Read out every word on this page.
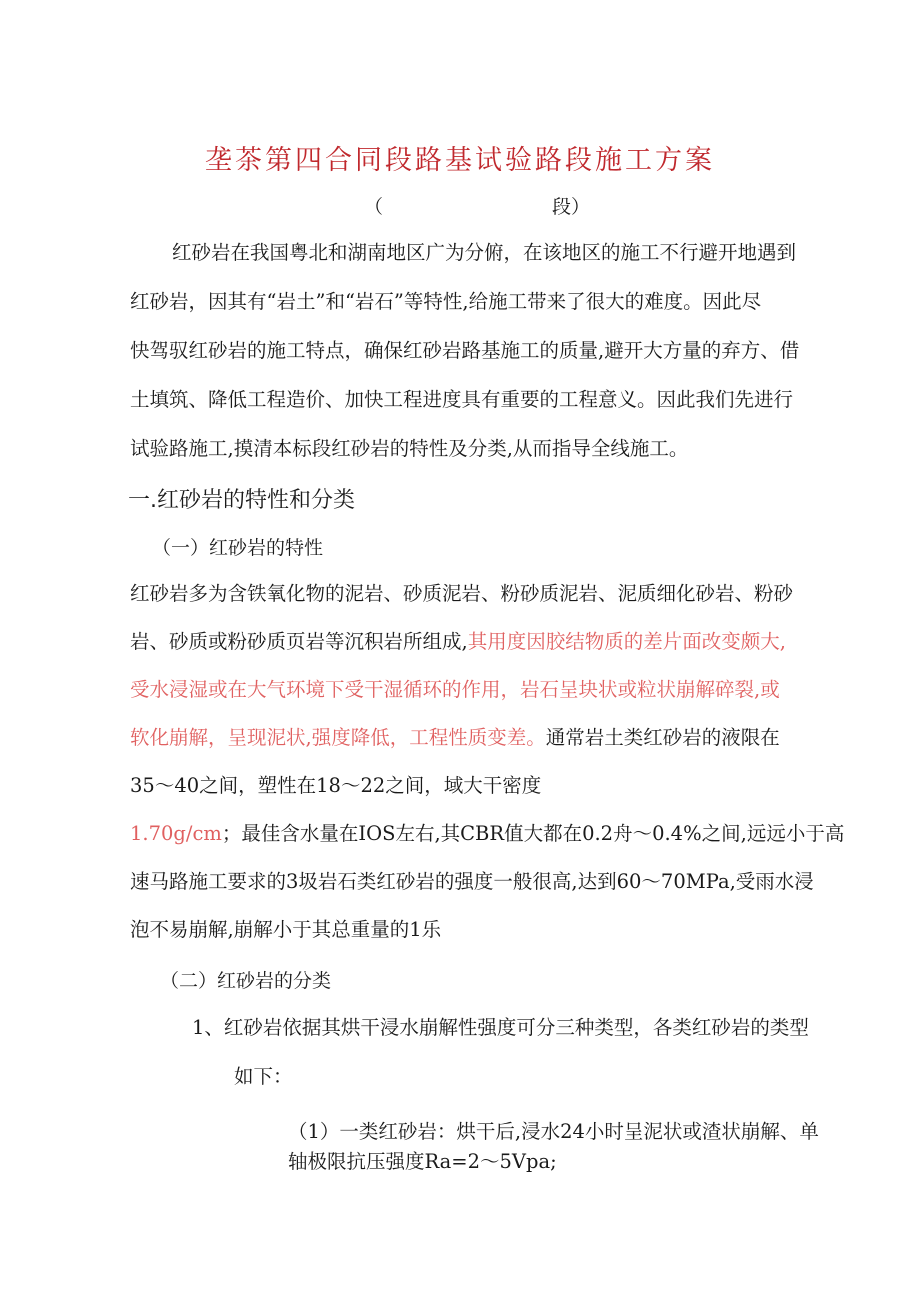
垄茶第四合同段路基试验路段施工方案
（	段）
红砂岩在我国粤北和湖南地区广为分俯，在该地区的施工不行避开地遇到
红砂岩，因其有“岩土”和“岩石”等特性,给施工带来了很大的难度。因此尽
快驾驭红砂岩的施工特点，确保红砂岩路基施工的质量,避开大方量的弃方、借
土填筑、降低工程造价、加快工程进度具有重要的工程意义。因此我们先进行
试验路施工,摸清本标段红砂岩的特性及分类,从而指导全线施工。
一.红砂岩的特性和分类
（一）红砂岩的特性
红砂岩多为含铁氧化物的泥岩、砂质泥岩、粉砂质泥岩、泥质细化砂岩、粉砂
岩、砂质或粉砂质页岩等沉积岩所组成,其用度因胶结物质的差片面改变颇大,
受水浸湿或在大气环境下受干湿循环的作用，岩石呈块状或粒状崩解碎裂,或
软化崩解，呈现泥状,强度降低，工程性质变差。通常岩土类红砂岩的液限在
35〜40之间，塑性在18〜22之间，域大干密度
1.70g/cm；最佳含水量在IOS左右,其CBR值大都在0.2舟〜0.4%之间,远远小于高
速马路施工要求的3圾岩石类红砂岩的强度一般很高,达到60〜70MPa,受雨水浸
泡不易崩解,崩解小于其总重量的1乐
（二）红砂岩的分类
1、红砂岩依据其烘干浸水崩解性强度可分三种类型，各类红砂岩的类型
如下：
（1）一类红砂岩：烘干后,浸水24小时呈泥状或渣状崩解、单
轴极限抗压强度Ra=2〜5Vpa;
